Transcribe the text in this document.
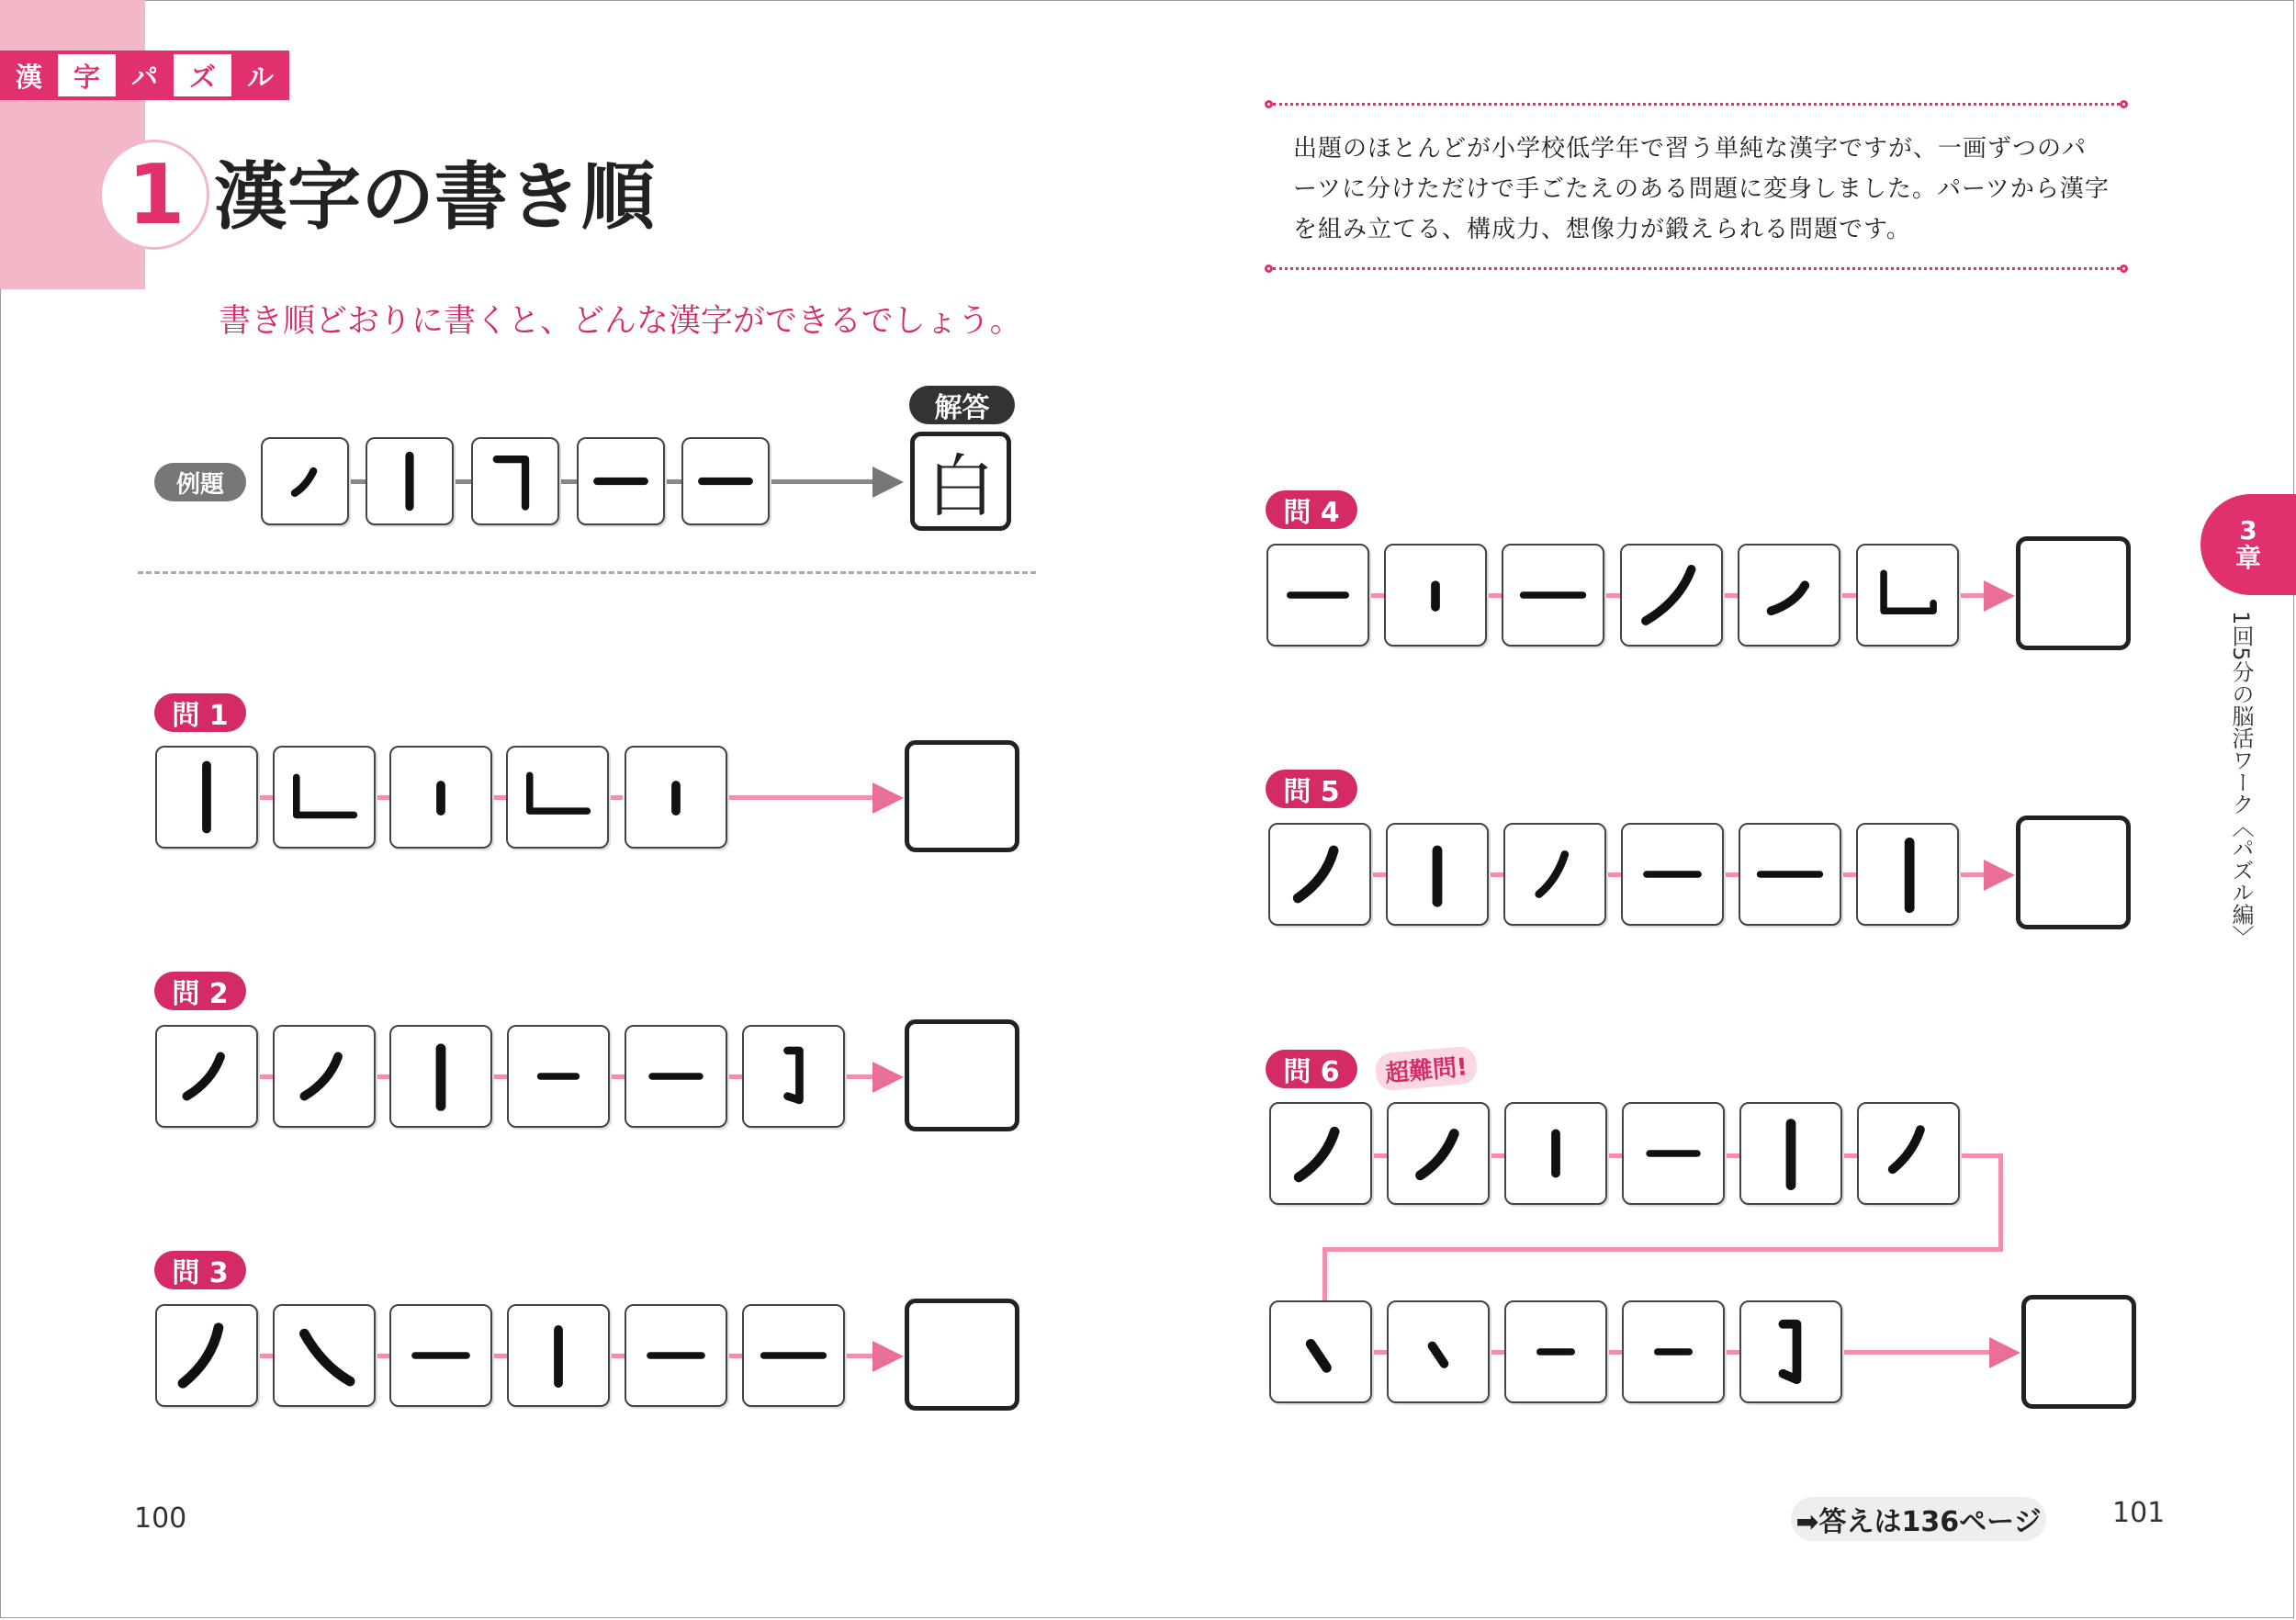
漢	字	パ	ズ	ル
1 漢字の書き順
書き順どおりに書くと、どんな漢字ができるでしょう。
出題のほとんどが小学校低学年で習う単純な漢字ですが、一画ずつのパーツに分けただけで手ごたえのある問題に変身しました。パーツから漢字を組み立てる、構成力、想像力が鍛えられる問題です。
例題
解答
白
問 1
問 2
問 3
問 4
問 5
問 6	超難問!
3
章
1回5分の脳活ワーク〈パズル編〉
100	➡答えは136ページ	101
